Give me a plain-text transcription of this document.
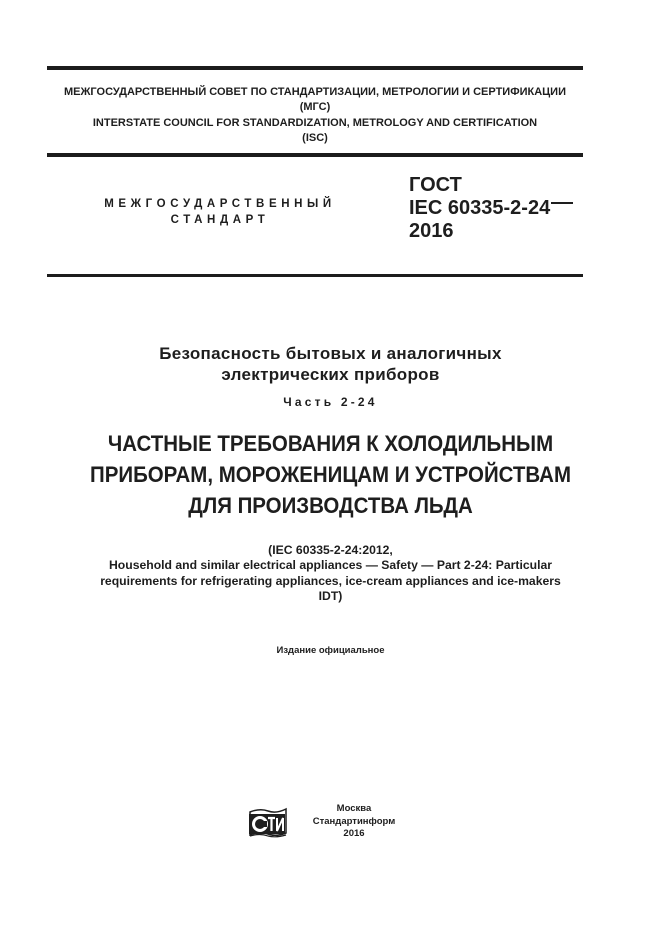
МЕЖГОСУДАРСТВЕННЫЙ СОВЕТ ПО СТАНДАРТИЗАЦИИ, МЕТРОЛОГИИ И СЕРТИФИКАЦИИ
(МГС)
INTERSTATE COUNCIL FOR STANDARDIZATION, METROLOGY AND CERTIFICATION
(ISC)
МЕЖГОСУДАРСТВЕННЫЙ
СТАНДАРТ
ГОСТ
IEC 60335-2-24
2016
Безопасность бытовых и аналогичных
электрических приборов
Часть 2-24
ЧАСТНЫЕ ТРЕБОВАНИЯ К ХОЛОДИЛЬНЫМ
ПРИБОРАМ, МОРОЖЕНИЦАМ И УСТРОЙСТВАМ
ДЛЯ ПРОИЗВОДСТВА ЛЬДА
(IEC 60335-2-24:2012,
Household and similar electrical appliances — Safety — Part 2-24: Particular
requirements for refrigerating appliances, ice-cream appliances and ice-makers
IDT)
Издание официальное
Москва
Стандартинформ
2016
